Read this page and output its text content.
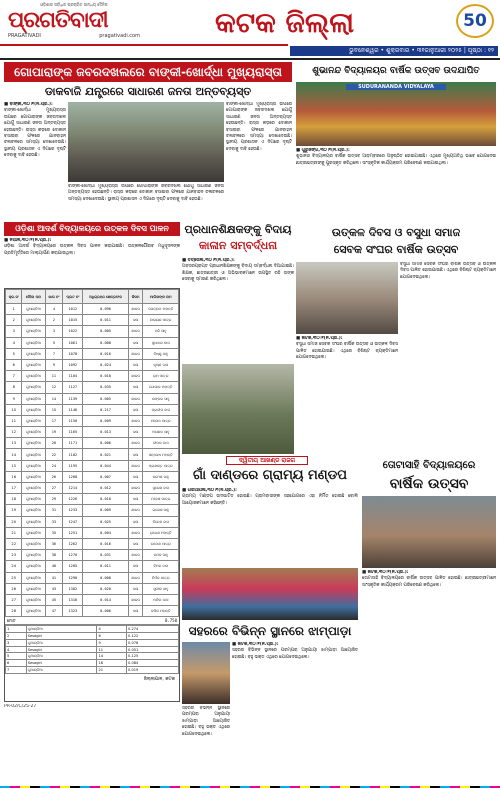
ଓଡ଼ିଶାର ସର୍ବାଧିକ ପ୍ରଚାରିତ ସାନ୍ଧ୍ୟ ଦୈନିକ
ପ୍ରଗତିବାଦୀ
PRAGATIVADI	pragativadi.com	କଟକ ଜିଲ୍ଲା	50
ଭୁବନେଶ୍ୱର • ଶୁକ୍ରବାର • ୩୧ଜାନୁଆରୀ ୨୦୨୫ | ପୃଷ୍ଠା : ୧୨
ଗୋପାରାଙ୍କ ଜବରଦଖଲରେ ବାଙ୍କୀ-ଖୋର୍ଦ୍ଧା ମୁଖ୍ୟରାସ୍ତା
ଡାକବାଜି ଯନ୍ତ୍ରରେ ସାଧାରଣ ଜନତା ଅନ୍ତବ୍ୟସ୍ତ
■ ବାଙ୍କୀ,୩୦।୧(ନି.ପ୍ର.):
ବାଙ୍କୀ-ଖୋର୍ଦ୍ଧା ମୁଖ୍ୟରାସ୍ତା ଉପରେ ଗୋପାରାଙ୍କ ଜବରଦଖଲ ଯୋଗୁଁ ସାଧାରଣ ଜନତା ଅନ୍ତବ୍ୟସ୍ତ ହେଉଛନ୍ତି। ରାସ୍ତା କଡ଼ରେ ଦୋକାନ ବସାଇବା ଫଳରେ ଯାନବାହନ ଚଳାଚଳରେ ସମସ୍ୟା ଦେଖାଦେଉଛି। ସ୍ଥାନୀୟ ପ୍ରଶାସନ ଏ ଦିଗରେ ଦୃଷ୍ଟି ଦେବାକୁ ଦାବି ହେଉଛି।
ବାଙ୍କୀ-ଖୋର୍ଦ୍ଧା ମୁଖ୍ୟରାସ୍ତା ଉପରେ ଗୋପାରାଙ୍କ ଜବରଦଖଲ ଯୋଗୁଁ ସାଧାରଣ ଜନତା ଅନ୍ତବ୍ୟସ୍ତ ହେଉଛନ୍ତି। ରାସ୍ତା କଡ଼ରେ ଦୋକାନ ବସାଇବା ଫଳରେ ଯାନବାହନ ଚଳାଚଳରେ ସମସ୍ୟା ଦେଖାଦେଉଛି। ସ୍ଥାନୀୟ ପ୍ରଶାସନ ଏ ଦିଗରେ ଦୃଷ୍ଟି ଦେବାକୁ ଦାବି ହେଉଛି।
ବାଙ୍କୀ-ଖୋର୍ଦ୍ଧା ମୁଖ୍ୟରାସ୍ତା ଉପରେ ଗୋପାରାଙ୍କ ଜବରଦଖଲ ଯୋଗୁଁ ସାଧାରଣ ଜନତା ଅନ୍ତବ୍ୟସ୍ତ ହେଉଛନ୍ତି। ରାସ୍ତା କଡ଼ରେ ଦୋକାନ ବସାଇବା ଫଳରେ ଯାନବାହନ ଚଳାଚଳରେ ସମସ୍ୟା ଦେଖାଦେଉଛି। ସ୍ଥାନୀୟ ପ୍ରଶାସନ ଏ ଦିଗରେ ଦୃଷ୍ଟି ଦେବାକୁ ଦାବି ହେଉଛି।
ଶୁଭାନନ୍ଦ ବିଦ୍ୟାଳୟର ବାର୍ଷିକ ଉତ୍ସବ ଉଦଯାପିତ
SUDURANANDA VIDYALAYA
■ ଗୁରୁଜଙ୍ଗ,୩୦।୧(ନି.ପ୍ର.):
ଶୁଭାନନ୍ଦ ବିଦ୍ୟାଳୟର ବାର୍ଷିକ ଉତ୍ସବ ଆଡ଼ମ୍ବରରେ ଅନୁଷ୍ଠିତ ହୋଇଯାଇଛି। ଏଥିରେ ମୁଖ୍ୟଅତିଥି ଭାବେ ଯୋଗଦେଇ ଛାତ୍ରଛାତ୍ରୀଙ୍କୁ ପୁରସ୍କୃତ କରିଥିଲେ। ସାଂସ୍କୃତିକ କାର୍ଯ୍ୟକ୍ରମ ପରିବେଷଣ କରାଯାଇଥିଲା।
ଓଡ଼ିଶା ଆଦର୍ଶ ବିଦ୍ୟାଳୟରେ ଉତ୍କଳ ଦିବସ ପାଳନ
■ ନିଆଳି,୩୦।୧(ନି.ପ୍ର.):
ଓଡ଼ିଶା ଆଦର୍ଶ ବିଦ୍ୟାଳୟରେ ଉତ୍କଳ ଦିବସ ପାଳନ କରାଯାଇଛି। ଉତ୍କଳଗୌରବ ମଧୁସୂଦନଙ୍କ ପ୍ରତିମୂର୍ତ୍ତିରେ ମାଲ୍ୟାର୍ପଣ କରାଯାଇଥିଲା।
ପ୍ରଧାନଶିକ୍ଷକଙ୍କୁ ବିଦାୟ
କାଳାନ ସମ୍ବର୍ଦ୍ଧନା
■ ତିର୍ତ୍ତୋଲ,୩୦।୧(ନି.ପ୍ର.):
ଅବସରପ୍ରାପ୍ତ ପ୍ରଧାନଶିକ୍ଷକଙ୍କୁ ବିଦାୟ ସମ୍ବର୍ଦ୍ଧନା ଦିଆଯାଇଛି। ଶିକ୍ଷକ, ଛାତ୍ରଛାତ୍ରୀ ଓ ଅଭିଭାବକମାନେ ଉପସ୍ଥିତ ରହି ତାଙ୍କ ସେବାକୁ ସ୍ମରଣ କରିଥିଲେ।
ଉତ୍କଳ ଦିବସ ଓ ବସୁଧା ସମାଜ
ସେବକ ସଂଘର ବାର୍ଷିକ ଉତ୍ସବ
ବସୁଧା ସମାଜ ସେବକ ସଂଘର ବାର୍ଷିକ ଉତ୍ସବ ଓ ଉତ୍କଳ ଦିବସ ପାଳିତ ହୋଇଯାଇଛି। ଏଥିରେ ବିଶିଷ୍ଟ ବ୍ୟକ୍ତିମାନେ ଯୋଗଦେଇଥିଲେ।
■ କଟକ,୩୦।୧(ନି.ପ୍ର.):
ବସୁଧା ସମାଜ ସେବକ ସଂଘର ବାର୍ଷିକ ଉତ୍ସବ ଓ ଉତ୍କଳ ଦିବସ ପାଳିତ ହୋଇଯାଇଛି। ଏଥିରେ ବିଶିଷ୍ଟ ବ୍ୟକ୍ତିମାନେ ଯୋଗଦେଇଥିଲେ।
କ୍ର.ସଂ	ମୌଜା ନାମ	ଖାତା ନଂ	ପ୍ଲଟ ନଂ	ଅଧିଗ୍ରହଣ କ୍ଷେତ୍ରଫଳ	କିସମ	ମାଲିକଙ୍କ ନାମ
1	ଗୁଆଣ୍ଡିଆ	4	1012	0.096	ଶାରଦ	ଜଗନ୍ନାଥ ମହାନ୍ତି
2	ଗୁଆଣ୍ଡିଆ	2	1015	0.011	ଜଳା	ନାରାୟଣ ପାତ୍ର
3	ଗୁଆଣ୍ଡିଆ	3	1022	0.005	ଶାରଦ	ହରି ସାହୁ
4	ଗୁଆଣ୍ଡିଆ	5	1061	0.008	ଜଳା	ସୁଧାକର ଦାସ
5	ଗୁଆଣ୍ଡିଆ	7	1078	0.016	ଶାରଦ	ବିଷ୍ଣୁ ସାହୁ
6	ଗୁଆଣ୍ଡିଆ	9	1092	0.024	ଜଳା	କୃଷ୍ଣ ଦାସ
7	ଗୁଆଣ୍ଡିଆ	11	1104	0.010	ଶାରଦ	ରାମ ପାତ୍ର
8	ଗୁଆଣ୍ଡିଆ	12	1127	0.035	ଜଳା	ଗୋପାଳ ମହାନ୍ତି
9	ଗୁଆଣ୍ଡିଆ	14	1139	0.005	ଶାରଦ	ଶଙ୍କର ସାହୁ
10	ଗୁଆଣ୍ଡିଆ	15	1146	0.217	ଜଳା	ପ୍ରଦୀପ ଦାସ
11	ଗୁଆଣ୍ଡିଆ	17	1150	0.009	ଶାରଦ	ମନୋଜ ପାତ୍ର
12	ଗୁଆଣ୍ଡିଆ	19	1165	0.013	ଜଳା	ଅଶୋକ ସାହୁ
13	ଗୁଆଣ୍ଡିଆ	20	1171	0.006	ଶାରଦ	ଦୀପକ ଦାସ
14	ଗୁଆଣ୍ଡିଆ	22	1182	0.021	ଜଳା	ସନ୍ତୋଷ ମହାନ୍ତି
15	ଗୁଆଣ୍ଡିଆ	24	1195	0.044	ଶାରଦ	ପ୍ରଶାନ୍ତ ପାତ୍ର
16	ଗୁଆଣ୍ଡିଆ	26	1208	0.007	ଜଳା	ରମେଶ ସାହୁ
17	ଗୁଆଣ୍ଡିଆ	27	1214	0.012	ଶାରଦ	ସୁରେଶ ଦାସ
18	ଗୁଆଣ୍ଡିଆ	29	1226	0.018	ଜଳା	ମହେଶ ପାତ୍ର
19	ଗୁଆଣ୍ଡିଆ	31	1233	0.009	ଶାରଦ	ଗଣେଶ ସାହୁ
20	ଗୁଆଣ୍ଡିଆ	33	1247	0.025	ଜଳା	ଦିନେଶ ଦାସ
21	ଗୁଆଣ୍ଡିଆ	35	1251	0.004	ଶାରଦ	ରାଜେଶ ମହାନ୍ତି
22	ଗୁଆଣ୍ଡିଆ	36	1262	0.016	ଜଳା	ଉମେଶ ପାତ୍ର
23	ଗୁଆଣ୍ଡିଆ	38	1270	0.031	ଶାରଦ	କମଳ ସାହୁ
24	ଗୁଆଣ୍ଡିଆ	40	1285	0.011	ଜଳା	ବିମଳ ଦାସ
25	ଗୁଆଣ୍ଡିଆ	41	1290	0.008	ଶାରଦ	ନିର୍ମଳ ପାତ୍ର
26	ଗୁଆଣ୍ଡିଆ	43	1302	0.020	ଜଳା	ସୁନୀଲ ସାହୁ
27	ଗୁଆଣ୍ଡିଆ	45	1316	0.014	ଶାରଦ	ଅନିଲ ଦାସ
28	ଗୁଆଣ୍ଡିଆ	47	1323	0.006	ଜଳା	କପିଳ ମହାନ୍ତି
ମୋଟ	0.750
1	ଗୁଆଣ୍ଡିଆ	4	0.274
2	Sesagiri	6	0.122
3	ଗୁଆଣ୍ଡିଆ	9	0.076
4	Sesagiri	11	0.051
5	ଗୁଆଣ୍ଡିଆ	14	0.125
6	Sesagiri	18	0.084
7	ଗୁଆଣ୍ଡିଆ	21	0.019
ଜିଲ୍ଲାପାଳ, କଟକ
PR-02/C/25-27
ଦ୍ୱିତୀୟ ଆଖଣ୍ଡ ରାଜଗ
ଗାଁ ଦାଣ୍ଡରେ ଗ୍ରାମ୍ୟ ମଣ୍ଡପ
■ ଗରିଆପଳା,୩୦।୧(ନି.ପ୍ର.):
ଗ୍ରାମ୍ୟ ମଣ୍ଡପ ଉଦଘାଟିତ ହୋଇଛି। ଗ୍ରାମବାସୀଙ୍କ ସହଯୋଗରେ ଏହା ନିର୍ମିତ ହୋଇଛି ବୋଲି ଆୟୋଜକମାନେ କହିଛନ୍ତି।
ସହରରେ ବିଭିନ୍ନ ସ୍ଥାନରେ ଝାମ୍ପାଡ଼ା
■ କଟକ,୩୦।୧(ନି.ପ୍ର.):
ସହରର ବିଭିନ୍ନ ସ୍ଥାନରେ ପରମ୍ପରା ଅନୁଯାୟୀ ଝାମ୍ପାଡ଼ା ଆୟୋଜିତ ହୋଇଛି। ବହୁ ଭକ୍ତ ଏଥିରେ ଯୋଗଦେଇଥିଲେ।
ସହରର ବିଭିନ୍ନ ସ୍ଥାନରେ ପରମ୍ପରା ଅନୁଯାୟୀ ଝାମ୍ପାଡ଼ା ଆୟୋଜିତ ହୋଇଛି। ବହୁ ଭକ୍ତ ଏଥିରେ ଯୋଗଦେଇଥିଲେ।
ତୋଟାସାହି ବିଦ୍ୟାଳୟରେ
ବାର୍ଷିକ ଉତ୍ସବ
■ କଟକ,୩୦।୧(ନି.ପ୍ର.):
ତୋଟାସାହି ବିଦ୍ୟାଳୟରେ ବାର୍ଷିକ ଉତ୍ସବ ପାଳିତ ହୋଇଛି। ଛାତ୍ରଛାତ୍ରୀମାନେ ସାଂସ୍କୃତିକ କାର୍ଯ୍ୟକ୍ରମ ପରିବେଷଣ କରିଥିଲେ।
